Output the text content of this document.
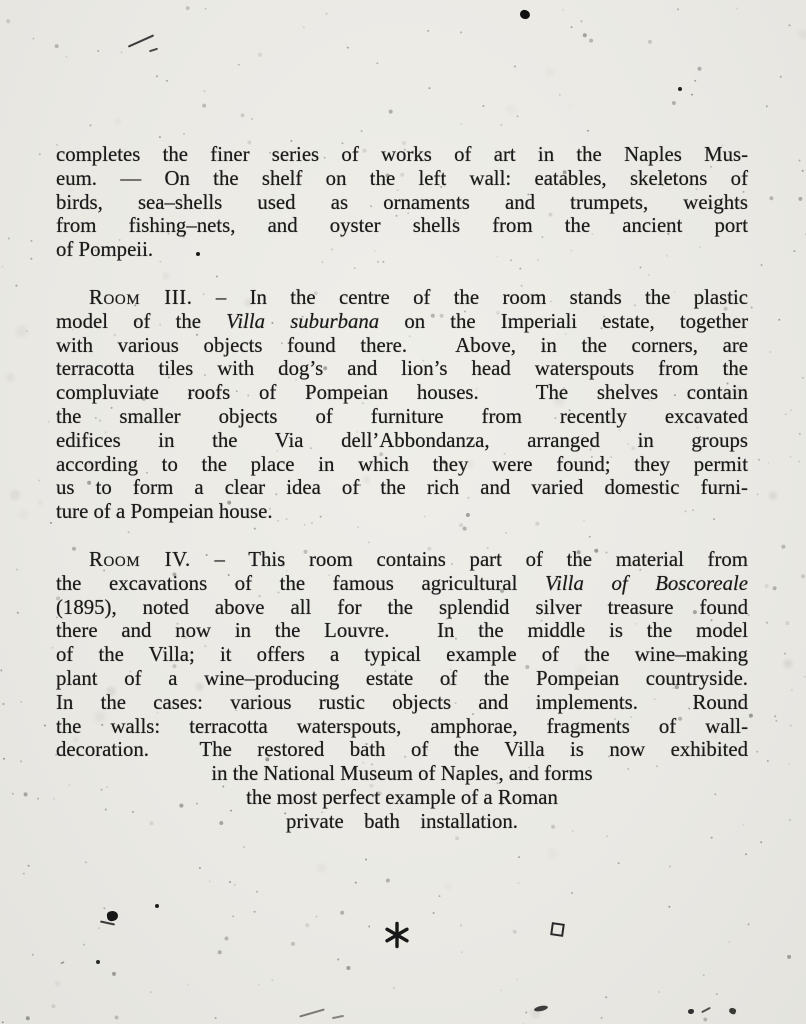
completes the finer series of works of art in the Naples Mus-
eum. — On the shelf on the left wall: eatables, skeletons of
birds, sea–shells used as ornaments and trumpets, weights
from fishing–nets, and oyster shells from the ancient port
of Pompeii.
Room III. – In the centre of the room stands the plastic
model of the Villa suburbana on the Imperiali estate, together
with various objects found there.  Above, in the corners, are
terracotta tiles with dog’s and lion’s head waterspouts from the
compluviate roofs of Pompeian houses.  The shelves contain
the smaller objects of furniture from recently excavated
edifices in the Via dell’Abbondanza, arranged in groups
according to the place in which they were found; they permit
us to form a clear idea of the rich and varied domestic furni-
ture of a Pompeian house.
Room IV. – This room contains part of the material from
the excavations of the famous agricultural Villa of Boscoreale
(1895), noted above all for the splendid silver treasure found
there and now in the Louvre.  In the middle is the model
of the Villa; it offers a typical example of the wine–making
plant of a wine–producing estate of the Pompeian countryside.
In the cases: various rustic objects and implements.  Round
the walls: terracotta waterspouts, amphorae, fragments of wall-
decoration.  The restored bath of the Villa is now exhibited
in the National Museum of Naples, and forms
the most perfect example of a Roman
private  bath  installation.
